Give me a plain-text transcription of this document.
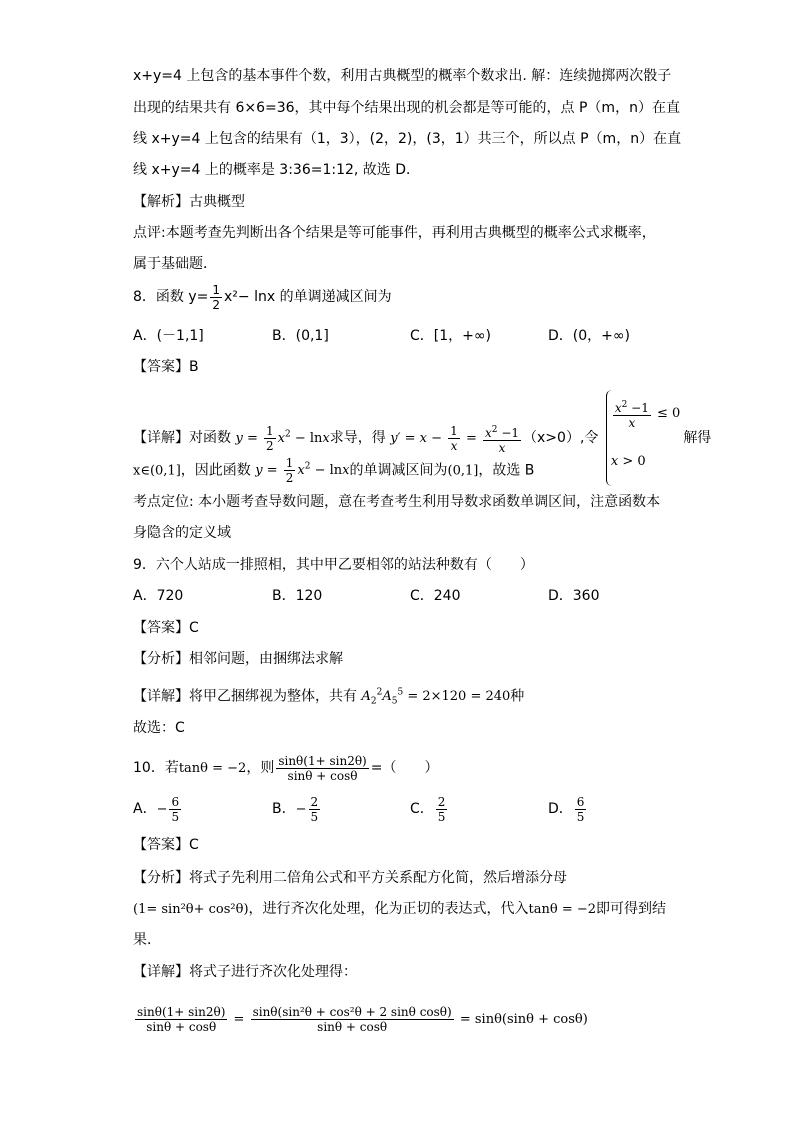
x+y=4 上包含的基本事件个数，利用古典概型的概率个数求出. 解：连续抛掷两次骰子
出现的结果共有 6×6=36，其中每个结果出现的机会都是等可能的，点 P（m，n）在直
线 x+y=4 上包含的结果有（1，3），(2，2)，(3，1）共三个，所以点 P（m，n）在直
线 x+y=4 上的概率是 3:36=1:12, 故选 D．
【解析】古典概型
点评:本题考查先判断出各个结果是等可能事件，再利用古典概型的概率公式求概率，
属于基础题．
8．函数 $y= \frac{1}{2} x^2- \ln x$ 的单调递减区间为
A．(－1,1]	B．(0,1]	C．[1，+∞)	D．(0，+∞)
【答案】B
【详解】对函数 $y = \frac{1}{2} x^2 - \ln x$求导，得 $y' = x - \frac{1}{x} = \frac{x^2 -1}{x} (x>0)$,令
$\frac{x^2 -1}{x} \le 0$
x > 0
解得
x∈(0,1]，因此函数 $y = \frac{1}{2} x^2 - \ln x$的单调减区间为(0,1]，故选 B
考点定位: 本小题考查导数问题，意在考查考生利用导数求函数单调区间，注意函数本
身隐含的定义域
9．六个人站成一排照相，其中甲乙要相邻的站法种数有（　　）
A．720	B．120	C．240	D．360
【答案】C
【分析】相邻问题，由捆绑法求解
【详解】将甲乙捆绑视为整体，共有 $A_2^2A_5^5 = 2\times 120 = 240$种
故选：C
10．若tanθ = −2，则 $\frac{\sin\theta(1+ \sin 2\theta)}{\sin\theta + \cos\theta}$ =（　　）
A．− $\frac{6}{5}$	B．− $\frac{2}{5}$	C． $\frac{2}{5}$	D． $\frac{6}{5}$
【答案】C
【分析】将式子先利用二倍角公式和平方关系配方化简，然后增添分母
(1= sin²θ+ cos²θ)，进行齐次化处理，化为正切的表达式，代入tanθ = −2即可得到结
果．
【详解】将式子进行齐次化处理得：
$\frac{\sin\theta(1+ \sin 2\theta)}{\sin\theta + \cos\theta} = \frac{\text{sinθ(sin²θ + cos²θ + 2 sinθ cosθ)}}{\sin\theta + \cos\theta} = \sin\theta(\sin\theta + \cos\theta)$
